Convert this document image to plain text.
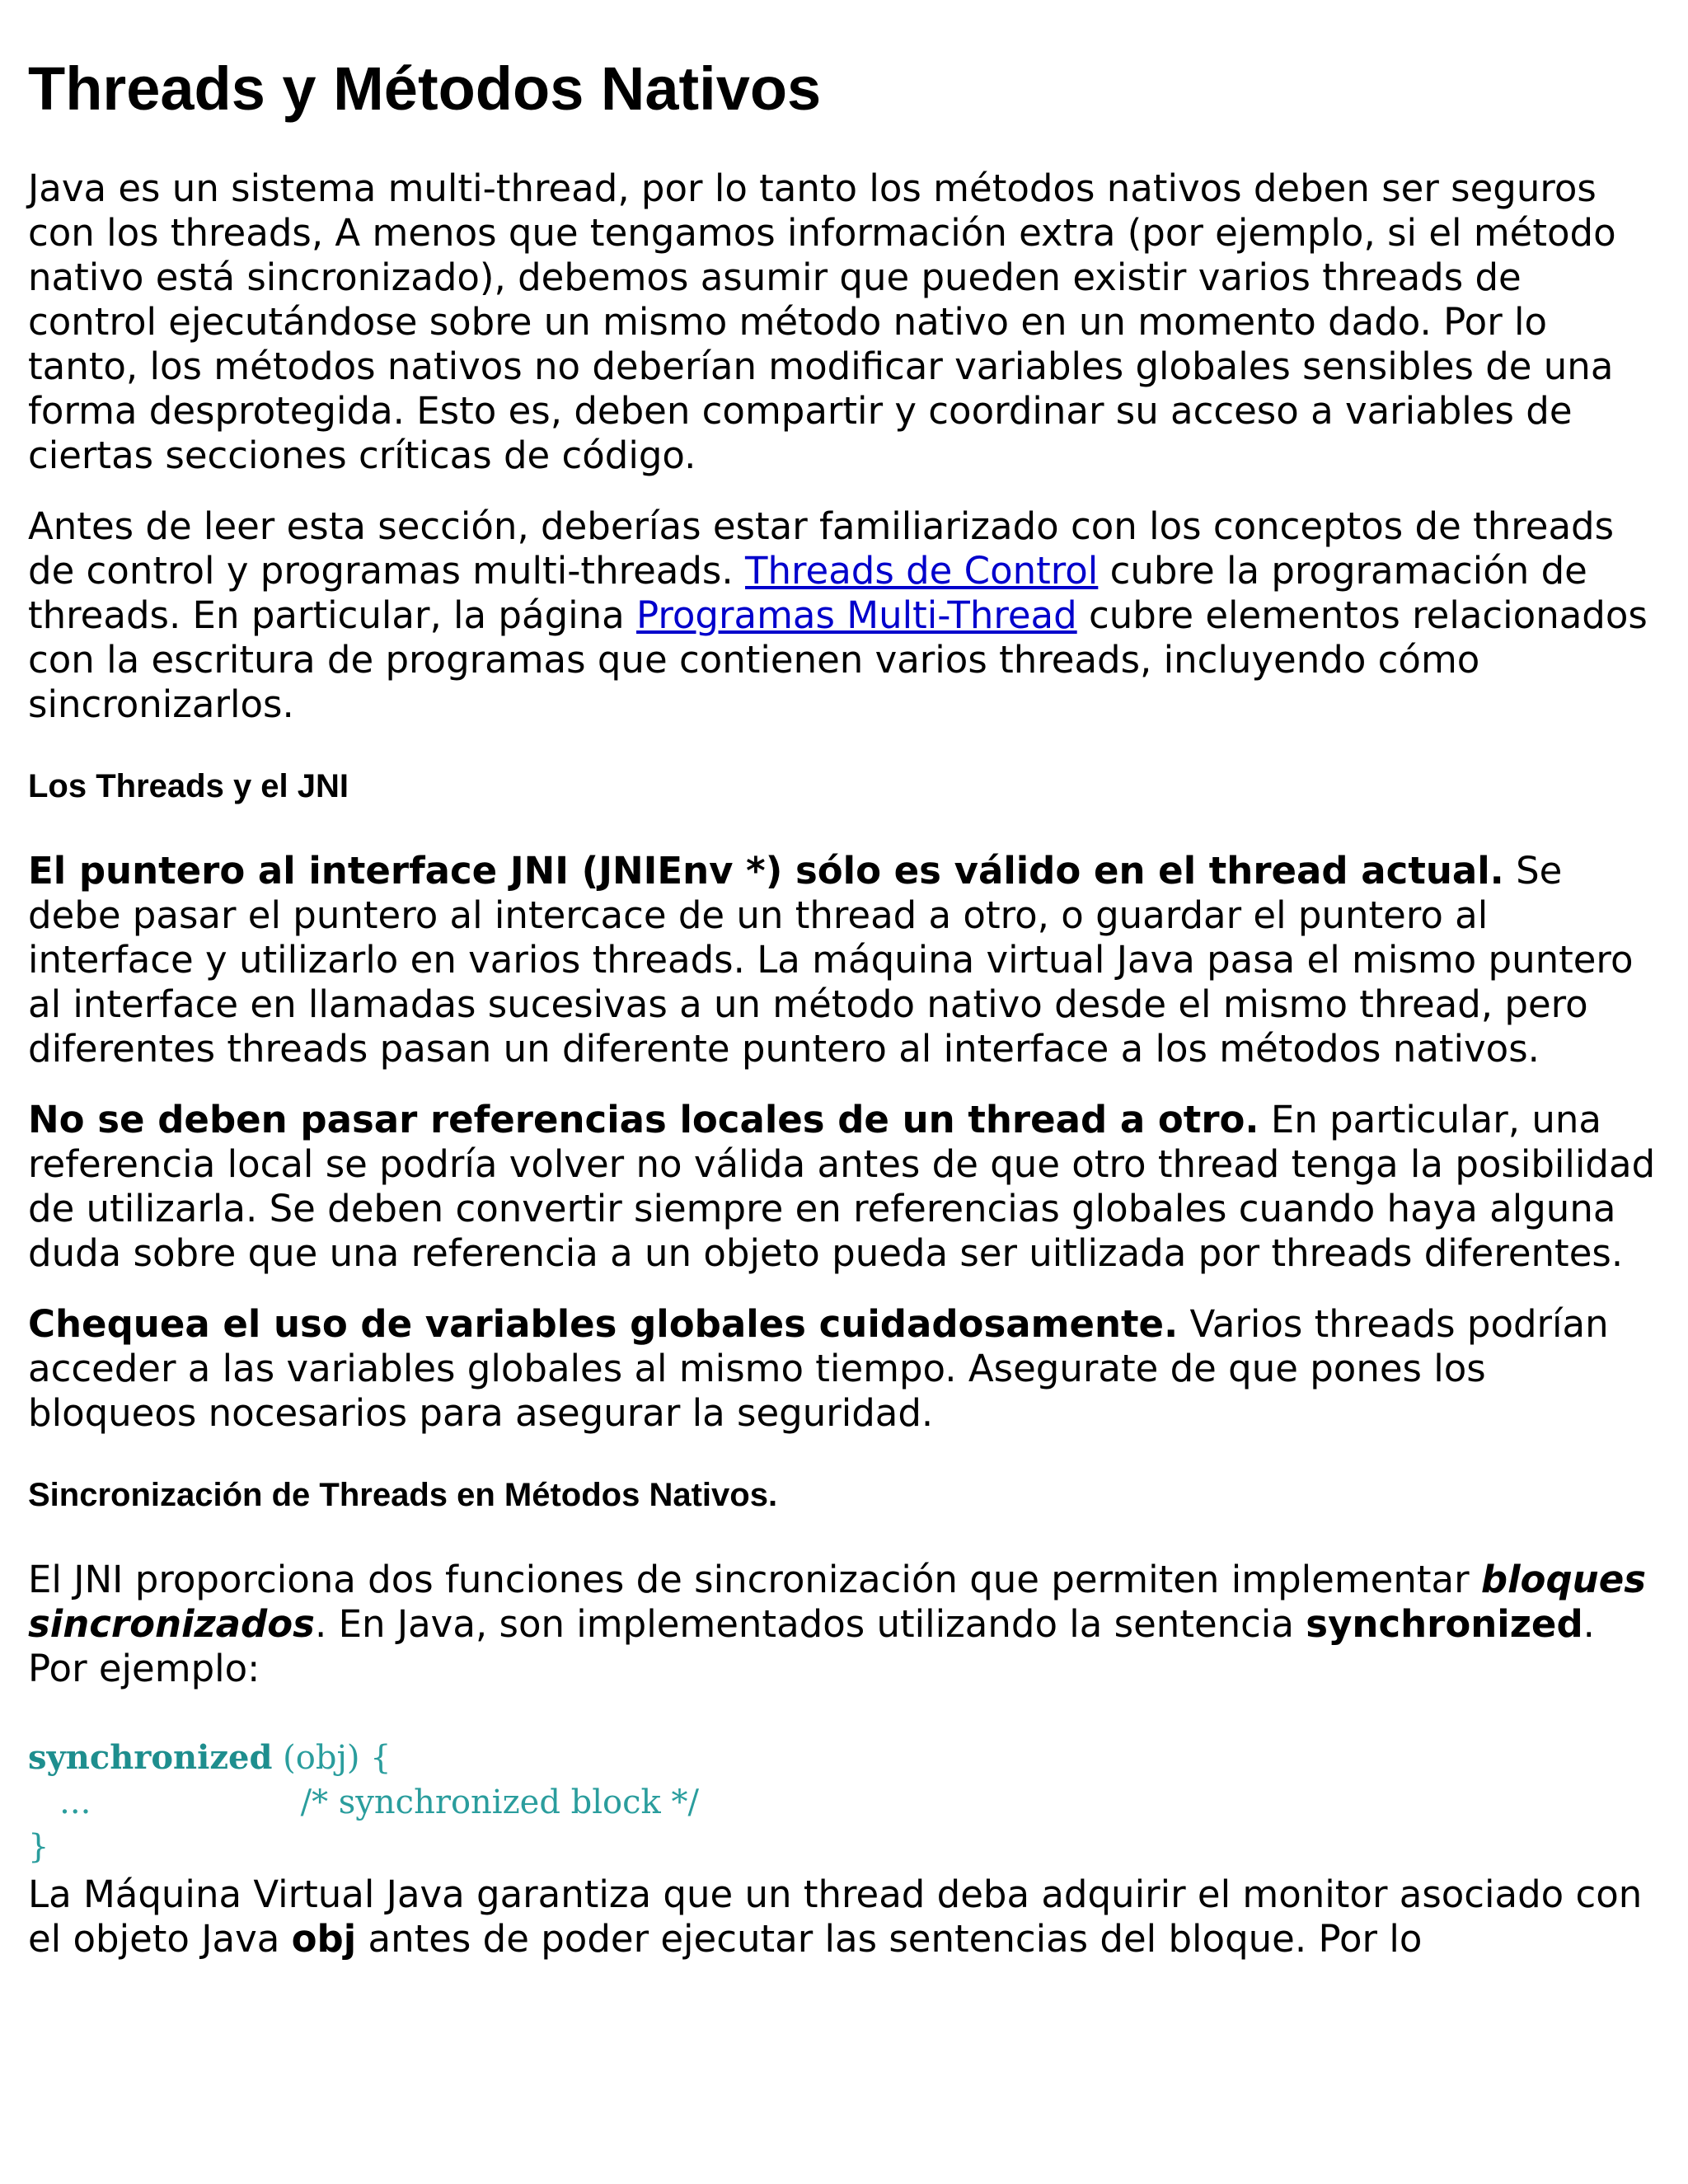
Threads y Métodos Nativos

Java es un sistema multi-thread, por lo tanto los métodos nativos deben ser seguros con los threads, A menos que tengamos información extra (por ejemplo, si el método nativo está sincronizado), debemos asumir que pueden existir varios threads de control ejecutándose sobre un mismo método nativo en un momento dado. Por lo tanto, los métodos nativos no deberían modificar variables globales sensibles de una forma desprotegida. Esto es, deben compartir y coordinar su acceso a variables de ciertas secciones críticas de código.

Antes de leer esta sección, deberías estar familiarizado con los conceptos de threads de control y programas multi-threads. Threads de Control cubre la programación de threads. En particular, la página Programas Multi-Thread cubre elementos relacionados con la escritura de programas que contienen varios threads, incluyendo cómo sincronizarlos.

Los Threads y el JNI

El puntero al interface JNI (JNIEnv *) sólo es válido en el thread actual. Se debe pasar el puntero al intercace de un thread a otro, o guardar el puntero al interface y utilizarlo en varios threads. La máquina virtual Java pasa el mismo puntero al interface en llamadas sucesivas a un método nativo desde el mismo thread, pero diferentes threads pasan un diferente puntero al interface a los métodos nativos.

No se deben pasar referencias locales de un thread a otro. En particular, una referencia local se podría volver no válida antes de que otro thread tenga la posibilidad de utilizarla. Se deben convertir siempre en referencias globales cuando haya alguna duda sobre que una referencia a un objeto pueda ser uitlizada por threads diferentes.

Chequea el uso de variables globales cuidadosamente. Varios threads podrían acceder a las variables globales al mismo tiempo. Asegurate de que pones los bloqueos nocesarios para asegurar la seguridad.

Sincronización de Threads en Métodos Nativos.

El JNI proporciona dos funciones de sincronización que permiten implementar bloques sincronizados. En Java, son implementados utilizando la sentencia synchronized. Por ejemplo:

synchronized (obj) {
...                    /* synchronized block */
}

La Máquina Virtual Java garantiza que un thread deba adquirir el monitor asociado con el objeto Java obj antes de poder ejecutar las sentencias del bloque. Por lo
